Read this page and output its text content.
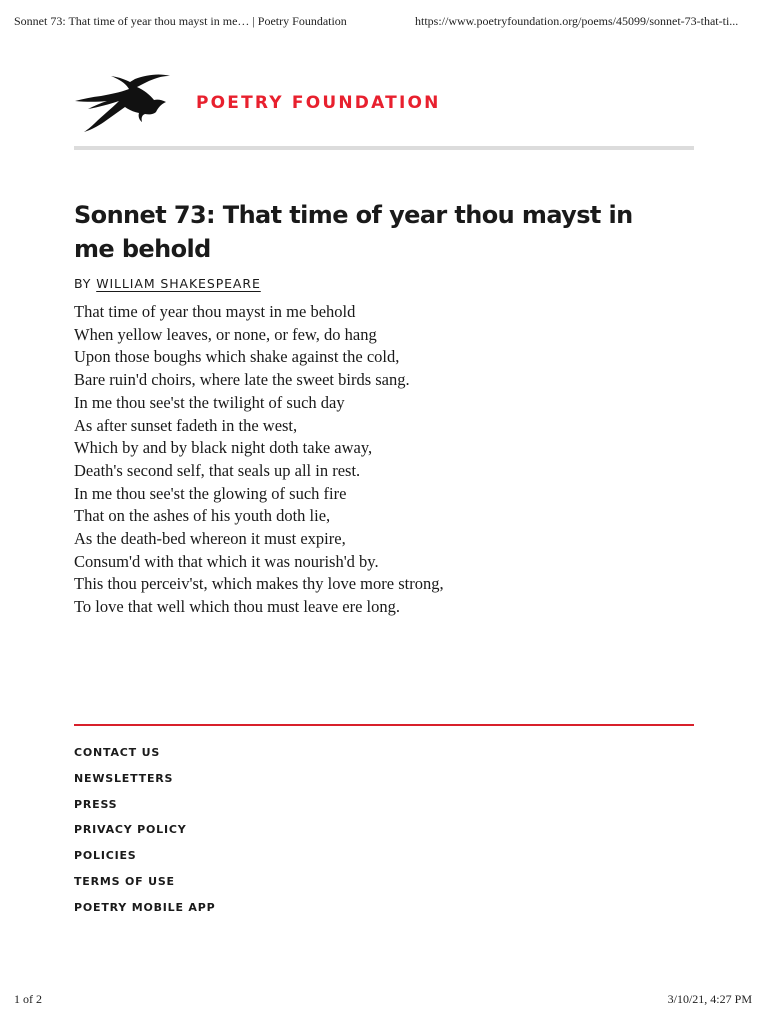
Sonnet 73: That time of year thou mayst in me… | Poetry Foundation	https://www.poetryfoundation.org/poems/45099/sonnet-73-that-ti...
POETRY FOUNDATION
Sonnet 73: That time of year thou mayst in me behold
BY WILLIAM SHAKESPEARE
That time of year thou mayst in me behold
When yellow leaves, or none, or few, do hang
Upon those boughs which shake against the cold,
Bare ruin'd choirs, where late the sweet birds sang.
In me thou see'st the twilight of such day
As after sunset fadeth in the west,
Which by and by black night doth take away,
Death's second self, that seals up all in rest.
In me thou see'st the glowing of such fire
That on the ashes of his youth doth lie,
As the death-bed whereon it must expire,
Consum'd with that which it was nourish'd by.
This thou perceiv'st, which makes thy love more strong,
To love that well which thou must leave ere long.
CONTACT US
NEWSLETTERS
PRESS
PRIVACY POLICY
POLICIES
TERMS OF USE
POETRY MOBILE APP
1 of 2	3/10/21, 4:27 PM
